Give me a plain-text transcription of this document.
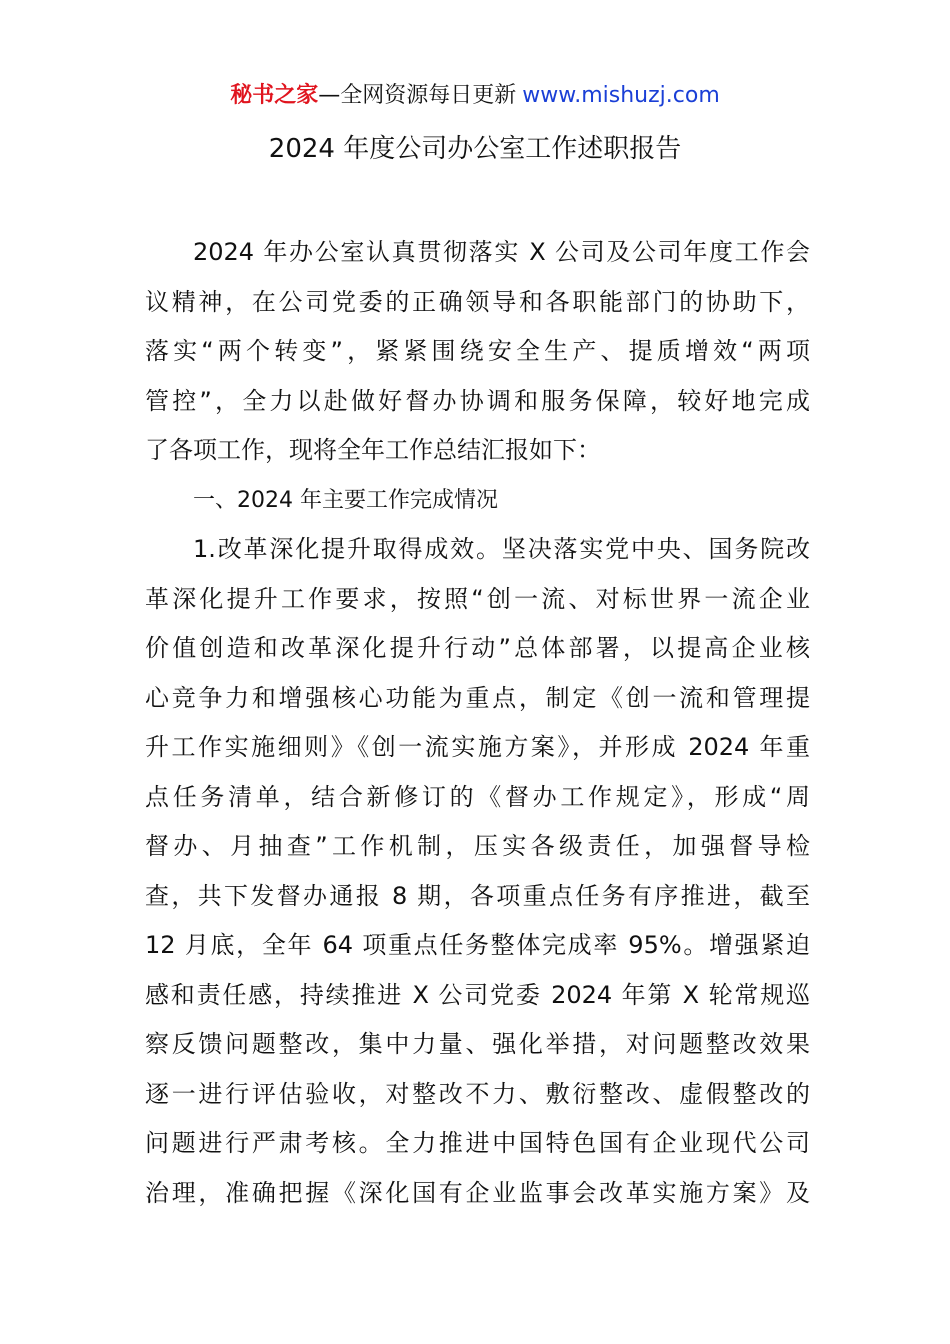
秘书之家—全网资源每日更新 www.mishuzj.com
2024 年度公司办公室工作述职报告
2024 年办公室认真贯彻落实 X 公司及公司年度工作会
议精神，在公司党委的正确领导和各职能部门的协助下，
落实“两个转变”，紧紧围绕安全生产、提质增效“两项
管控”，全力以赴做好督办协调和服务保障，较好地完成
了各项工作，现将全年工作总结汇报如下：
一、2024 年主要工作完成情况
1.改革深化提升取得成效。坚决落实党中央、国务院改
革深化提升工作要求，按照“创一流、对标世界一流企业
价值创造和改革深化提升行动”总体部署，以提高企业核
心竞争力和增强核心功能为重点，制定《创一流和管理提
升工作实施细则》《创一流实施方案》，并形成 2024 年重
点任务清单，结合新修订的《督办工作规定》，形成“周
督办、月抽查”工作机制，压实各级责任，加强督导检
查，共下发督办通报 8 期，各项重点任务有序推进，截至
12 月底，全年 64 项重点任务整体完成率 95%。增强紧迫
感和责任感，持续推进 X 公司党委 2024 年第 X 轮常规巡
察反馈问题整改，集中力量、强化举措，对问题整改效果
逐一进行评估验收，对整改不力、敷衍整改、虚假整改的
问题进行严肃考核。全力推进中国特色国有企业现代公司
治理，准确把握《深化国有企业监事会改革实施方案》及
